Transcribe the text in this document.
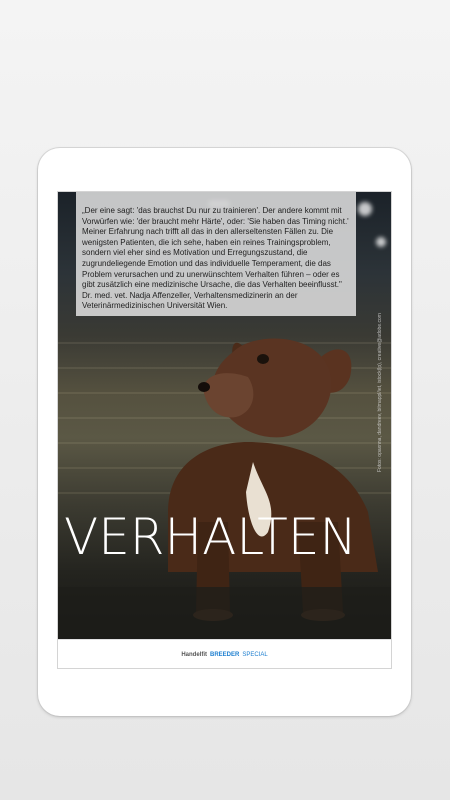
„Der eine sagt: 'das brauchst Du nur zu trainieren'. Der andere kommt mit Vorwürfen wie: 'der braucht mehr Härte', oder: 'Sie haben das Timing nicht.' Meiner Erfahrung nach trifft all das in den allerseltensten Fällen zu. Die wenigsten Patienten, die ich sehe, haben ein reines Trainingsproblem, sondern viel eher sind es Motivation und Erregungszustand, die zugrundeliegende Emotion und das individuelle Temperament, die das Problem verursachen und zu unerwünschtem Verhalten führen – oder es gibt zusätzlich eine medizinische Ursache, die das Verhalten beeinflusst." Dr. med. vet. Nadja Affenzeller, Verhaltensmedizinerin an der Veterinärmedizinischen Universität Wien.

Fotos: opaxnna, dandreev, bitmappl/iet, istock(lp), creative@adobe.com
VERHALTEN
Handelfit BREEDER SPECIAL
